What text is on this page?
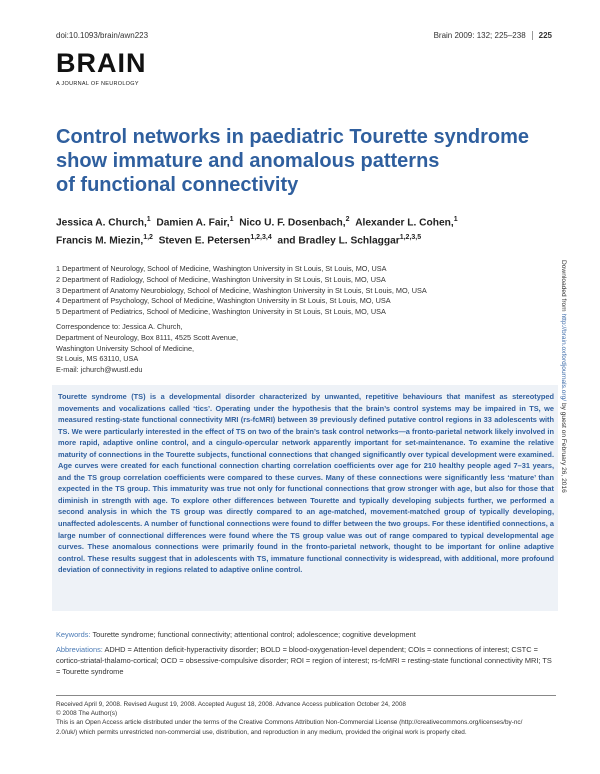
doi:10.1093/brain/awn223	Brain 2009: 132; 225–238 225
BRAIN
A JOURNAL OF NEUROLOGY
Control networks in paediatric Tourette syndrome
show immature and anomalous patterns
of functional connectivity
Jessica A. Church,$^1$ Damien A. Fair,$^1$ Nico U. F. Dosenbach,$^2$ Alexander L. Cohen,$^1$
Francis M. Miezin,$^{1,2}$ Steven E. Petersen$^{1,2,3,4}$ and Bradley L. Schlaggar$^{1,2,3,5}$
1 Department of Neurology, School of Medicine, Washington University in St Louis, St Louis, MO, USA
2 Department of Radiology, School of Medicine, Washington University in St Louis, St Louis, MO, USA
3 Department of Anatomy Neurobiology, School of Medicine, Washington University in St Louis, St Louis, MO, USA
4 Department of Psychology, School of Medicine, Washington University in St Louis, St Louis, MO, USA
5 Department of Pediatrics, School of Medicine, Washington University in St Louis, St Louis, MO, USA
Correspondence to: Jessica A. Church,
Department of Neurology, Box 8111, 4525 Scott Avenue,
Washington University School of Medicine,
St Louis, MS 63110, USA
E-mail: jchurch@wustl.edu
Tourette syndrome (TS) is a developmental disorder characterized by unwanted, repetitive behaviours that manifest as stereotyped movements and vocalizations called ‘tics’. Operating under the hypothesis that the brain’s control systems may be impaired in TS, we measured resting-state functional connectivity MRI (rs-fcMRI) between 39 previously defined putative control regions in 33 adolescents with TS. We were particularly interested in the effect of TS on two of the brain’s task control networks—a fronto-parietal network likely involved in more rapid, adaptive online control, and a cingulo-opercular network apparently important for set-maintenance. To examine the relative maturity of connections in the Tourette subjects, functional connections that changed significantly over typical development were examined. Age curves were created for each functional connection charting correlation coefficients over age for 210 healthy people aged 7–31 years, and the TS group correlation coefficients were compared to these curves. Many of these connections were significantly less ‘mature’ than expected in the TS group. This immaturity was true not only for functional connections that grow stronger with age, but also for those that diminish in strength with age. To explore other differences between Tourette and typically developing subjects further, we performed a second analysis in which the TS group was directly compared to an age-matched, movement-matched group of typically developing, unaffected adolescents. A number of functional connections were found to differ between the two groups. For these identified connections, a large number of connectional differences were found where the TS group value was out of range compared to typical developmental age curves. These anomalous connections were primarily found in the fronto-parietal network, thought to be important for online adaptive control. These results suggest that in adolescents with TS, immature functional connectivity is widespread, with additional, more profound deviation of connectivity in regions related to adaptive online control.
Keywords: Tourette syndrome; functional connectivity; attentional control; adolescence; cognitive development
Abbreviations: ADHD = Attention deficit-hyperactivity disorder; BOLD = blood-oxygenation-level dependent; COIs = connections of interest; CSTC = cortico-striatal-thalamo-cortical; OCD = obsessive-compulsive disorder; ROI = region of interest; rs-fcMRI = resting-state functional connectivity MRI; TS = Tourette syndrome
Received April 9, 2008. Revised August 19, 2008. Accepted August 18, 2008. Advance Access publication October 24, 2008
© 2008 The Author(s)
This is an Open Access article distributed under the terms of the Creative Commons Attribution Non-Commercial License (http://creativecommons.org/licenses/by-nc/
2.0/uk/) which permits unrestricted non-commercial use, distribution, and reproduction in any medium, provided the original work is properly cited.
Downloaded from http://brain.oxfordjournals.org/ by guest on February 26, 2016
